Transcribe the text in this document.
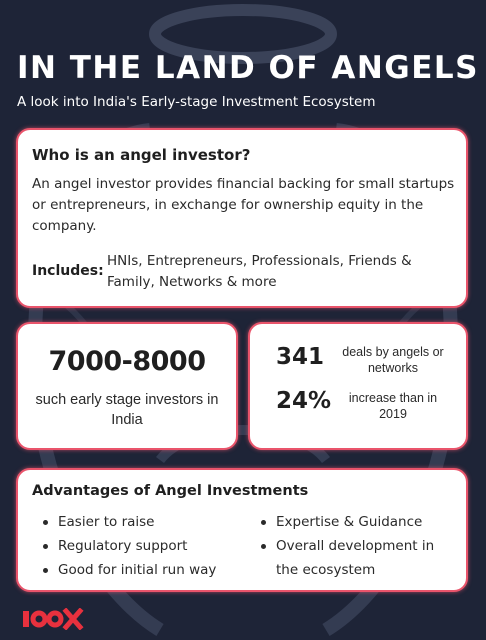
IN THE LAND OF ANGELS

A look into India's Early-stage Investment Ecosystem

Who is an angel investor?

An angel investor provides financial backing for small startups or entrepreneurs, in exchange for ownership equity in the company.

Includes:

HNIs, Entrepreneurs, Professionals, Friends & Family, Networks & more

7000-8000

such early stage investors in India

341	deals by angels or networks

24%	increase than in 2019

Advantages of Angel Investments
Easier to raise
Regulatory support
Good for initial run way
Expertise & Guidance
Overall development in the ecosystem
